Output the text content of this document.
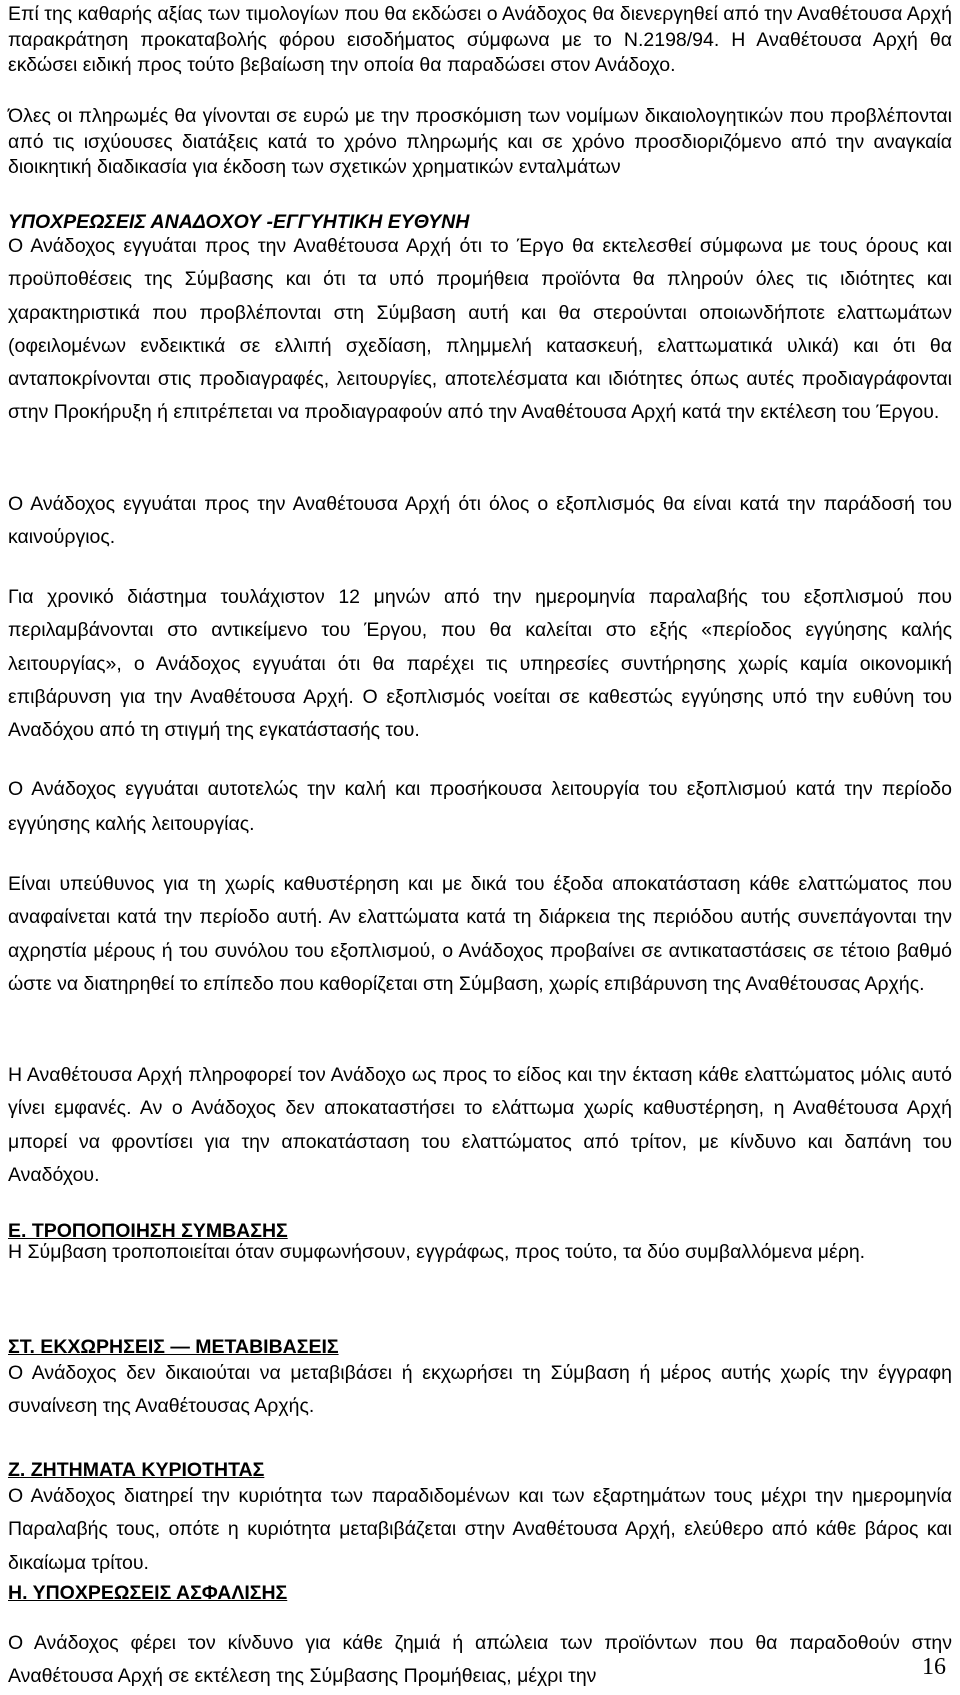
Επί της καθαρής αξίας των τιμολογίων που θα εκδώσει ο Ανάδοχος θα διενεργηθεί από την Αναθέτουσα Αρχή παρακράτηση προκαταβολής φόρου εισοδήματος σύμφωνα με το Ν.2198/94. Η Αναθέτουσα Αρχή θα εκδώσει ειδική προς τούτο βεβαίωση την οποία θα παραδώσει στον Ανάδοχο.

Όλες οι πληρωμές θα γίνονται σε ευρώ με την προσκόμιση των νομίμων δικαιολογητικών που προβλέπονται από τις ισχύουσες διατάξεις κατά το χρόνο πληρωμής και σε χρόνο προσδιοριζόμενο από την αναγκαία διοικητική διαδικασία για έκδοση των σχετικών χρηματικών ενταλμάτων

ΥΠΟΧΡΕΩΣΕΙΣ ΑΝΑΔΟΧΟΥ -ΕΓΓΥΗΤΙΚΗ ΕΥΘΥΝΗ

Ο Ανάδοχος εγγυάται προς την Αναθέτουσα Αρχή ότι το Έργο θα εκτελεσθεί σύμφωνα με τους όρους και προϋποθέσεις της Σύμβασης και ότι τα υπό προμήθεια προϊόντα θα πληρούν όλες τις ιδιότητες και χαρακτηριστικά που προβλέπονται στη Σύμβαση αυτή και θα στερούνται οποιωνδήποτε ελαττωμάτων (οφειλομένων ενδεικτικά σε ελλιπή σχεδίαση, πλημμελή κατασκευή, ελαττωματικά υλικά) και ότι θα ανταποκρίνονται στις προδιαγραφές, λειτουργίες, αποτελέσματα και ιδιότητες όπως αυτές προδιαγράφονται στην Προκήρυξη ή επιτρέπεται να προδιαγραφούν από την Αναθέτουσα Αρχή κατά την εκτέλεση του Έργου.

Ο Ανάδοχος εγγυάται προς την Αναθέτουσα Αρχή ότι όλος ο εξοπλισμός θα είναι κατά την παράδοσή του καινούργιος.

Για χρονικό διάστημα τουλάχιστον 12 μηνών από την ημερομηνία παραλαβής του εξοπλισμού που περιλαμβάνονται στο αντικείμενο του Έργου, που θα καλείται στο εξής «περίοδος εγγύησης καλής λειτουργίας», ο Ανάδοχος εγγυάται ότι θα παρέχει τις υπηρεσίες συντήρησης χωρίς καμία οικονομική επιβάρυνση για την Αναθέτουσα Αρχή. Ο εξοπλισμός νοείται σε καθεστώς εγγύησης υπό την ευθύνη του Αναδόχου από τη στιγμή της εγκατάστασής του.

Ο Ανάδοχος εγγυάται αυτοτελώς την καλή και προσήκουσα λειτουργία του εξοπλισμού κατά την περίοδο εγγύησης καλής λειτουργίας.

Είναι υπεύθυνος για τη χωρίς καθυστέρηση και με δικά του έξοδα αποκατάσταση κάθε ελαττώματος που αναφαίνεται κατά την περίοδο αυτή. Αν ελαττώματα κατά τη διάρκεια της περιόδου αυτής συνεπάγονται την αχρηστία μέρους ή του συνόλου του εξοπλισμού, ο Ανάδοχος προβαίνει σε αντικαταστάσεις σε τέτοιο βαθμό ώστε να διατηρηθεί το επίπεδο που καθορίζεται στη Σύμβαση, χωρίς επιβάρυνση της Αναθέτουσας Αρχής.

Η Αναθέτουσα Αρχή πληροφορεί τον Ανάδοχο ως προς το είδος και την έκταση κάθε ελαττώματος μόλις αυτό γίνει εμφανές. Αν ο Ανάδοχος δεν αποκαταστήσει το ελάττωμα χωρίς καθυστέρηση, η Αναθέτουσα Αρχή μπορεί να φροντίσει για την αποκατάσταση του ελαττώματος από τρίτον, με κίνδυνο και δαπάνη του Αναδόχου.

Ε. ΤΡΟΠΟΠΟΙΗΣΗ ΣΥΜΒΑΣΗΣ

Η Σύμβαση τροποποιείται όταν συμφωνήσουν, εγγράφως, προς τούτο, τα δύο συμβαλλόμενα μέρη.

ΣΤ. ΕΚΧΩΡΗΣΕΙΣ — ΜΕΤΑΒΙΒΑΣΕΙΣ

Ο Ανάδοχος δεν δικαιούται να μεταβιβάσει ή εκχωρήσει τη Σύμβαση ή μέρος αυτής χωρίς την έγγραφη συναίνεση της Αναθέτουσας Αρχής.

Ζ. ΖΗΤΗΜΑΤΑ ΚΥΡΙΟΤΗΤΑΣ

Ο Ανάδοχος διατηρεί την κυριότητα των παραδιδομένων και των εξαρτημάτων τους μέχρι την ημερομηνία Παραλαβής τους, οπότε η κυριότητα μεταβιβάζεται στην Αναθέτουσα Αρχή, ελεύθερο από κάθε βάρος και δικαίωμα τρίτου.

Η. ΥΠΟΧΡΕΩΣΕΙΣ ΑΣΦΑΛΙΣΗΣ

Ο Ανάδοχος φέρει τον κίνδυνο για κάθε ζημιά ή απώλεια των προϊόντων που θα παραδοθούν στην Αναθέτουσα Αρχή σε εκτέλεση της Σύμβασης Προμήθειας, μέχρι την	16
